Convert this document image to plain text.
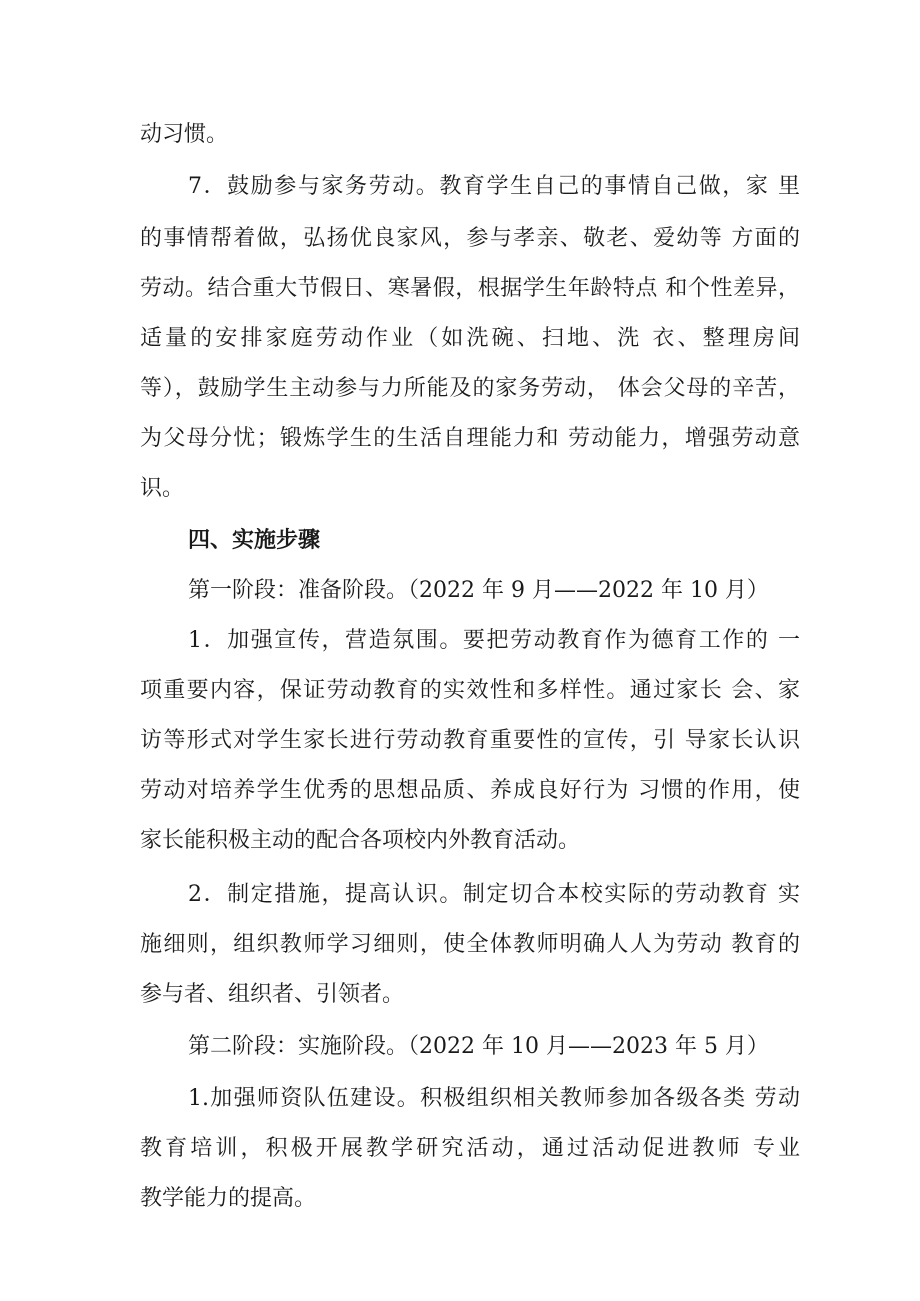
动习惯。
7．鼓励参与家务劳动。教育学生自己的事情自己做，家 里
的事情帮着做，弘扬优良家风，参与孝亲、敬老、爱幼等 方面的
劳动。结合重大节假日、寒暑假，根据学生年龄特点 和个性差异，
适量的安排家庭劳动作业（如洗碗、扫地、洗 衣、整理房间
等），鼓励学生主动参与力所能及的家务劳动， 体会父母的辛苦，
为父母分忧；锻炼学生的生活自理能力和 劳动能力，增强劳动意
识。
四、实施步骤
第一阶段：准备阶段。（2022 年 9 月——2022 年 10 月）
1．加强宣传，营造氛围。要把劳动教育作为德育工作的 一
项重要内容，保证劳动教育的实效性和多样性。通过家长 会、家
访等形式对学生家长进行劳动教育重要性的宣传，引 导家长认识
劳动对培养学生优秀的思想品质、养成良好行为 习惯的作用，使
家长能积极主动的配合各项校内外教育活动。
2．制定措施，提高认识。制定切合本校实际的劳动教育 实
施细则，组织教师学习细则，使全体教师明确人人为劳动 教育的
参与者、组织者、引领者。
第二阶段：实施阶段。（2022 年 10 月——2023 年 5 月）
1.加强师资队伍建设。积极组织相关教师参加各级各类 劳动
教育培训，积极开展教学研究活动，通过活动促进教师 专业
教学能力的提高。
